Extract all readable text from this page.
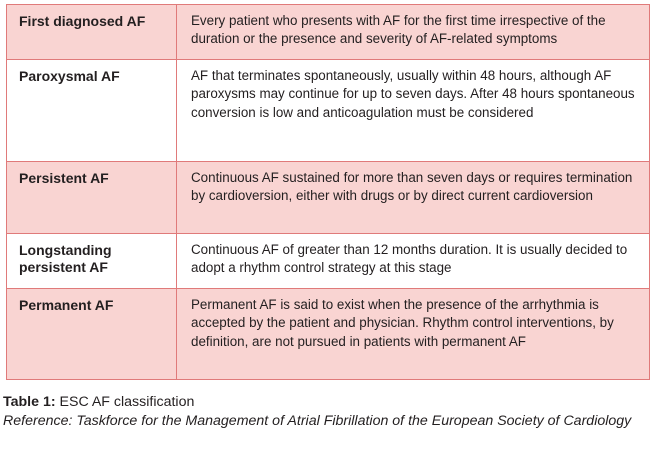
First diagnosed AF	Every patient who presents with AF for the first time irrespective of the duration or the presence and severity of AF-related symptoms
Paroxysmal AF	AF that terminates spontaneously, usually within 48 hours, although AF paroxysms may continue for up to seven days. After 48 hours spontaneous conversion is low and anticoagulation must be considered
Persistent AF	Continuous AF sustained for more than seven days or requires termination by cardioversion, either with drugs or by direct current cardioversion
Longstanding persistent AF	Continuous AF of greater than 12 months duration. It is usually decided to adopt a rhythm control strategy at this stage
Permanent AF	Permanent AF is said to exist when the presence of the arrhythmia is accepted by the patient and physician. Rhythm control interventions, by definition, are not pursued in patients with permanent AF
Table 1: ESC AF classification
Reference: Taskforce for the Management of Atrial Fibrillation of the European Society of Cardiology
